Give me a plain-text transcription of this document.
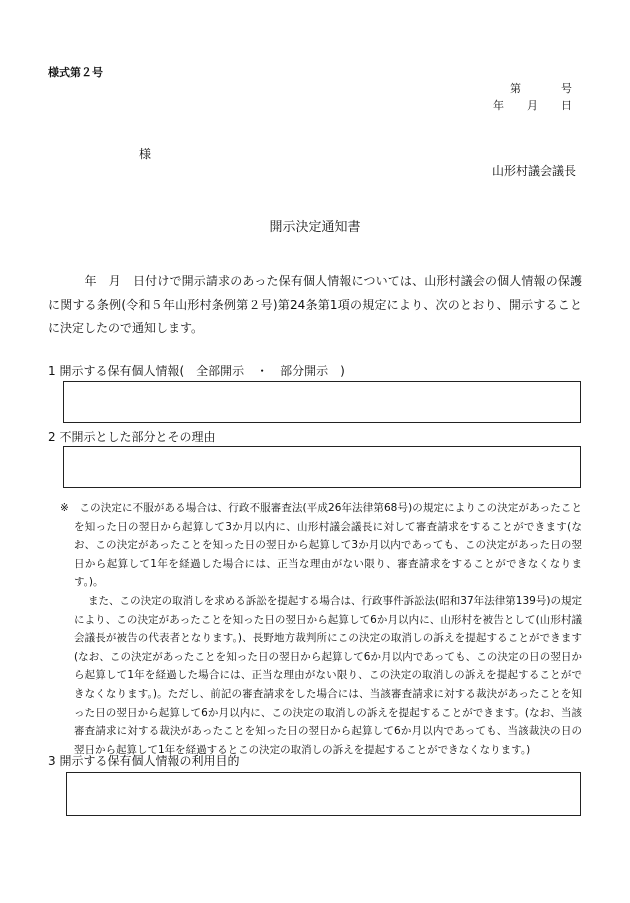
様式第２号
第　　号
年　月　日
様
山形村議会議長
開示決定通知書
　　　年　月　日付けで開示請求のあった保有個人情報については、山形村議会の個人情報の保護に関する条例(令和５年山形村条例第２号)第24条第1項の規定により、次のとおり、開示することに決定したので通知します。
1 開示する保有個人情報(　全部開示　・　部分開示　)
2 不開示とした部分とその理由

※　この決定に不服がある場合は、行政不服審査法(平成26年法律第68号)の規定によりこの決定があったことを知った日の翌日から起算して3か月以内に、山形村議会議長に対して審査請求をすることができます(なお、この決定があったことを知った日の翌日から起算して3か月以内であっても、この決定があった日の翌日から起算して1年を経過した場合には、正当な理由がない限り、審査請求をすることができなくなります。)。

また、この決定の取消しを求める訴訟を提起する場合は、行政事件訴訟法(昭和37年法律第139号)の規定により、この決定があったことを知った日の翌日から起算して6か月以内に、山形村を被告として(山形村議会議長が被告の代表者となります。)、長野地方裁判所にこの決定の取消しの訴えを提起することができます(なお、この決定があったことを知った日の翌日から起算して6か月以内であっても、この決定の日の翌日から起算して1年を経過した場合には、正当な理由がない限り、この決定の取消しの訴えを提起することができなくなります。)。ただし、前記の審査請求をした場合には、当該審査請求に対する裁決があったことを知った日の翌日から起算して6か月以内に、この決定の取消しの訴えを提起することができます。(なお、当該審査請求に対する裁決があったことを知った日の翌日から起算して6か月以内であっても、当該裁決の日の翌日から起算して1年を経過するとこの決定の取消しの訴えを提起することができなくなります。)

3 開示する保有個人情報の利用目的
